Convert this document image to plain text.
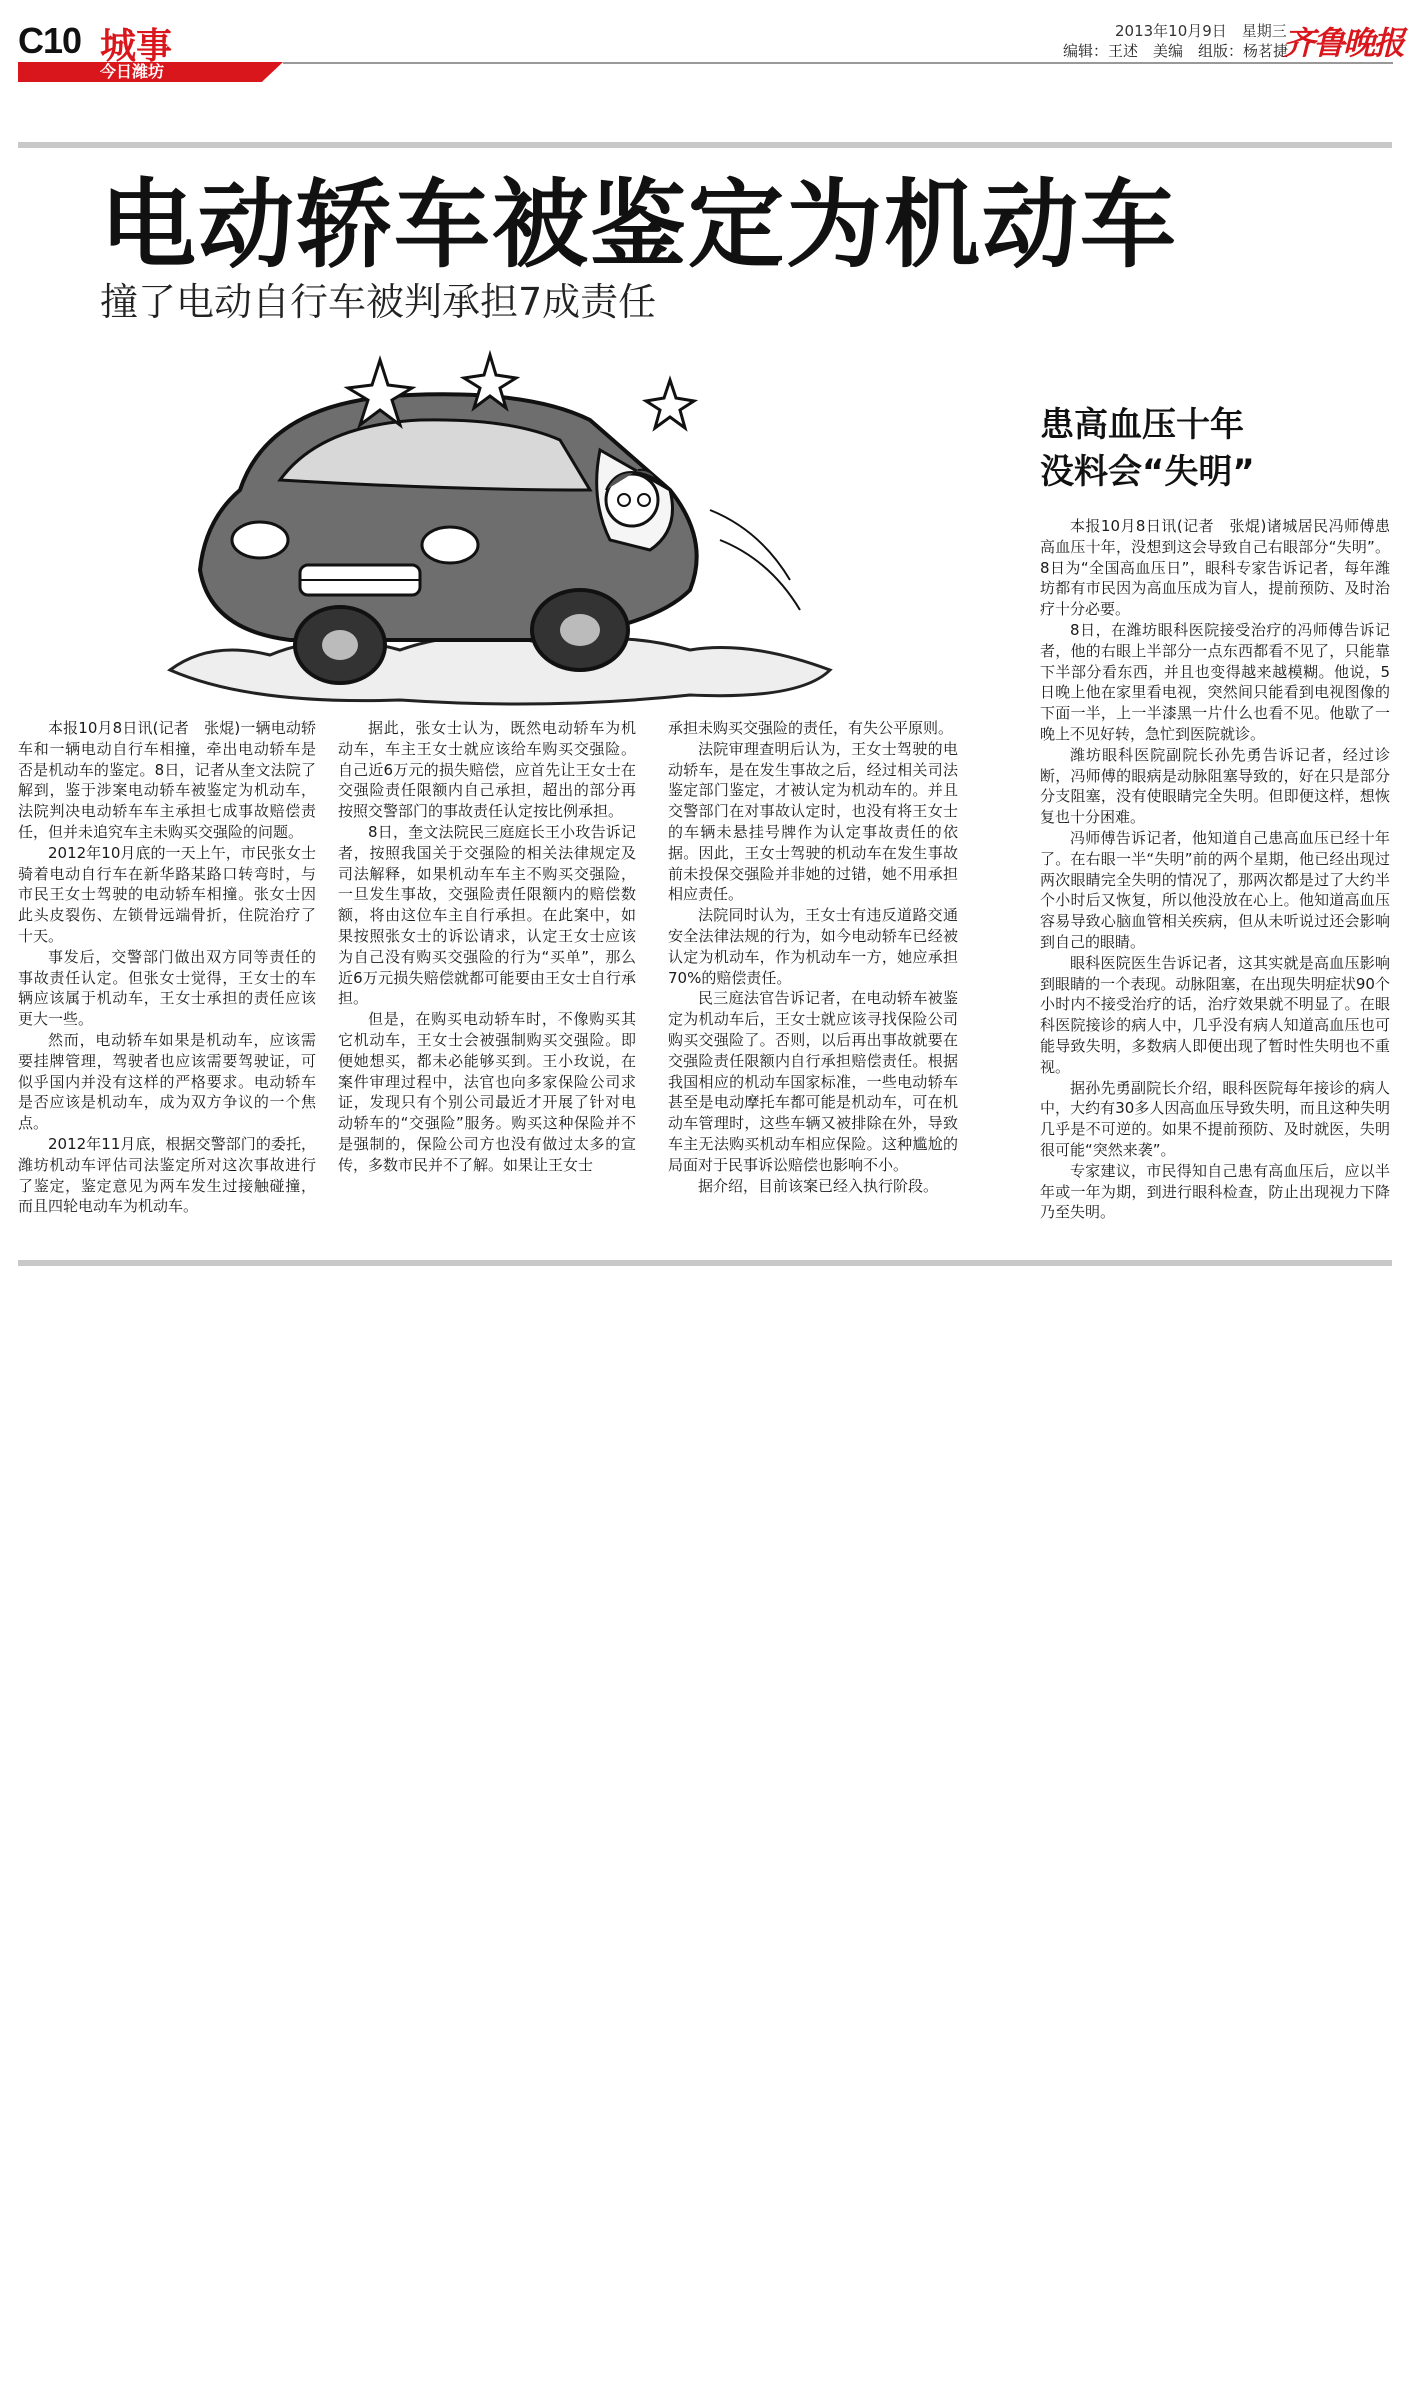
C10 城事
今日潍坊
2013年10月9日　星期三
编辑：王述　美编　组版：杨茗捷
齐鲁晚报
电动轿车被鉴定为机动车
撞了电动自行车被判承担7成责任

本报10月8日讯(记者　张焜)一辆电动轿车和一辆电动自行车相撞，牵出电动轿车是否是机动车的鉴定。8日，记者从奎文法院了解到，鉴于涉案电动轿车被鉴定为机动车，法院判决电动轿车车主承担七成事故赔偿责任，但并未追究车主未购买交强险的问题。

2012年10月底的一天上午，市民张女士骑着电动自行车在新华路某路口转弯时，与市民王女士驾驶的电动轿车相撞。张女士因此头皮裂伤、左锁骨远端骨折，住院治疗了十天。

事发后，交警部门做出双方同等责任的事故责任认定。但张女士觉得，王女士的车辆应该属于机动车，王女士承担的责任应该更大一些。

然而，电动轿车如果是机动车，应该需要挂牌管理，驾驶者也应该需要驾驶证，可似乎国内并没有这样的严格要求。电动轿车是否应该是机动车，成为双方争议的一个焦点。

2012年11月底，根据交警部门的委托，潍坊机动车评估司法鉴定所对这次事故进行了鉴定，鉴定意见为两车发生过接触碰撞，而且四轮电动车为机动车。

据此，张女士认为，既然电动轿车为机动车，车主王女士就应该给车购买交强险。自己近6万元的损失赔偿，应首先让王女士在交强险责任限额内自己承担，超出的部分再按照交警部门的事故责任认定按比例承担。

8日，奎文法院民三庭庭长王小玫告诉记者，按照我国关于交强险的相关法律规定及司法解释，如果机动车车主不购买交强险，一旦发生事故，交强险责任限额内的赔偿数额，将由这位车主自行承担。在此案中，如果按照张女士的诉讼请求，认定王女士应该为自己没有购买交强险的行为“买单”，那么近6万元损失赔偿就都可能要由王女士自行承担。

但是，在购买电动轿车时，不像购买其它机动车，王女士会被强制购买交强险。即便她想买，都未必能够买到。王小玫说，在案件审理过程中，法官也向多家保险公司求证，发现只有个别公司最近才开展了针对电动轿车的“交强险”服务。购买这种保险并不是强制的，保险公司方也没有做过太多的宣传，多数市民并不了解。如果让王女士

承担未购买交强险的责任，有失公平原则。

法院审理查明后认为，王女士驾驶的电动轿车，是在发生事故之后，经过相关司法鉴定部门鉴定，才被认定为机动车的。并且交警部门在对事故认定时，也没有将王女士的车辆未悬挂号牌作为认定事故责任的依据。因此，王女士驾驶的机动车在发生事故前未投保交强险并非她的过错，她不用承担相应责任。

法院同时认为，王女士有违反道路交通安全法律法规的行为，如今电动轿车已经被认定为机动车，作为机动车一方，她应承担70%的赔偿责任。

民三庭法官告诉记者，在电动轿车被鉴定为机动车后，王女士就应该寻找保险公司购买交强险了。否则，以后再出事故就要在交强险责任限额内自行承担赔偿责任。根据我国相应的机动车国家标准，一些电动轿车甚至是电动摩托车都可能是机动车，可在机动车管理时，这些车辆又被排除在外，导致车主无法购买机动车相应保险。这种尴尬的局面对于民事诉讼赔偿也影响不小。

据介绍，目前该案已经入执行阶段。

患高血压十年
没料会“失明”

本报10月8日讯(记者　张焜)诸城居民冯师傅患高血压十年，没想到这会导致自己右眼部分“失明”。8日为“全国高血压日”，眼科专家告诉记者，每年潍坊都有市民因为高血压成为盲人，提前预防、及时治疗十分必要。

8日，在潍坊眼科医院接受治疗的冯师傅告诉记者，他的右眼上半部分一点东西都看不见了，只能靠下半部分看东西，并且也变得越来越模糊。他说，5日晚上他在家里看电视，突然间只能看到电视图像的下面一半，上一半漆黑一片什么也看不见。他歇了一晚上不见好转，急忙到医院就诊。

潍坊眼科医院副院长孙先勇告诉记者，经过诊断，冯师傅的眼病是动脉阻塞导致的，好在只是部分分支阻塞，没有使眼睛完全失明。但即便这样，想恢复也十分困难。

冯师傅告诉记者，他知道自己患高血压已经十年了。在右眼一半“失明”前的两个星期，他已经出现过两次眼睛完全失明的情况了，那两次都是过了大约半个小时后又恢复，所以他没放在心上。他知道高血压容易导致心脑血管相关疾病，但从未听说过还会影响到自己的眼睛。

眼科医院医生告诉记者，这其实就是高血压影响到眼睛的一个表现。动脉阻塞，在出现失明症状90个小时内不接受治疗的话，治疗效果就不明显了。在眼科医院接诊的病人中，几乎没有病人知道高血压也可能导致失明，多数病人即便出现了暂时性失明也不重视。

据孙先勇副院长介绍，眼科医院每年接诊的病人中，大约有30多人因高血压导致失明，而且这种失明几乎是不可逆的。如果不提前预防、及时就医，失明很可能“突然来袭”。

专家建议，市民得知自己患有高血压后，应以半年或一年为期，到进行眼科检查，防止出现视力下降乃至失明。
